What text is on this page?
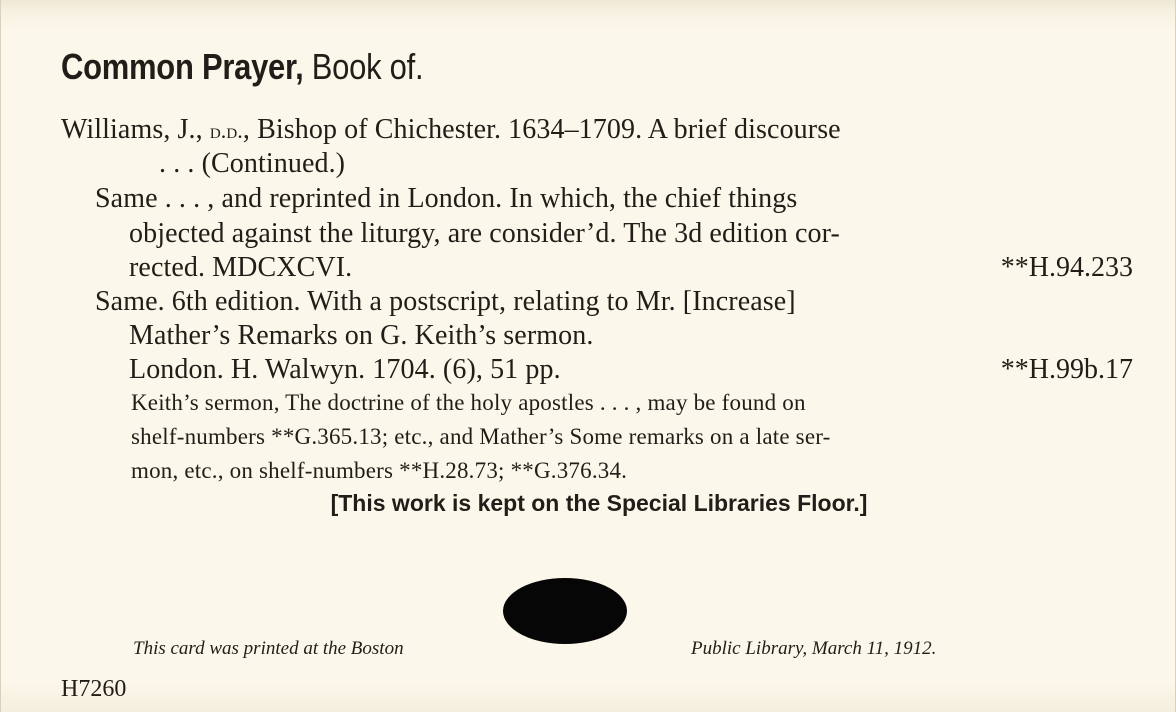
Common Prayer, Book of.
Williams, J., d.d., Bishop of Chichester. 1634–1709. A brief discourse
. . . (Continued.)
Same . . . , and reprinted in London. In which, the chief things
objected against the liturgy, are consider’d. The 3d edition cor-
rected. MDCXCVI.	**H.94.233
Same. 6th edition. With a postscript, relating to Mr. [Increase]
Mather’s Remarks on G. Keith’s sermon.
London. H. Walwyn. 1704. (6), 51 pp.	**H.99b.17
Keith’s sermon, The doctrine of the holy apostles . . . , may be found on
shelf-numbers **G.365.13; etc., and Mather’s Some remarks on a late ser-
mon, etc., on shelf-numbers **H.28.73; **G.376.34.
[This work is kept on the Special Libraries Floor.]
This card was printed at the Boston	Public Library, March 11, 1912.
H7260
